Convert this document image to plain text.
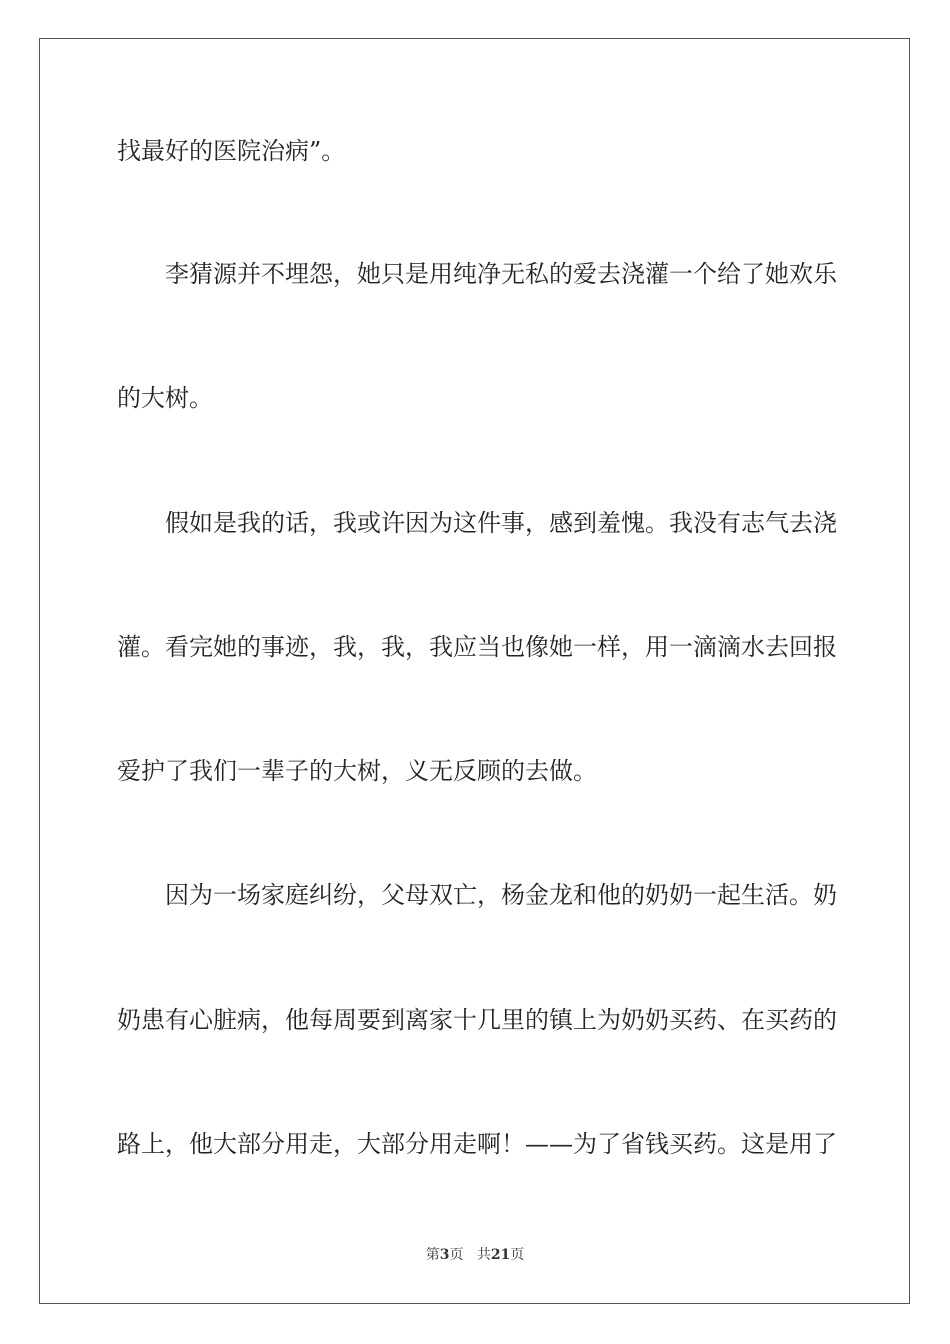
找最好的医院治病”。

李猜源并不埋怨，她只是用纯净无私的爱去浇灌一个给了她欢乐

的大树。

假如是我的话，我或许因为这件事，感到羞愧。我没有志气去浇

灌。看完她的事迹，我，我，我应当也像她一样，用一滴滴水去回报

爱护了我们一辈子的大树，义无反顾的去做。

因为一场家庭纠纷，父母双亡，杨金龙和他的奶奶一起生活。奶

奶患有心脏病，他每周要到离家十几里的镇上为奶奶买药、在买药的

路上，他大部分用走，大部分用走啊！——为了省钱买药。这是用了

第3页 共21页
